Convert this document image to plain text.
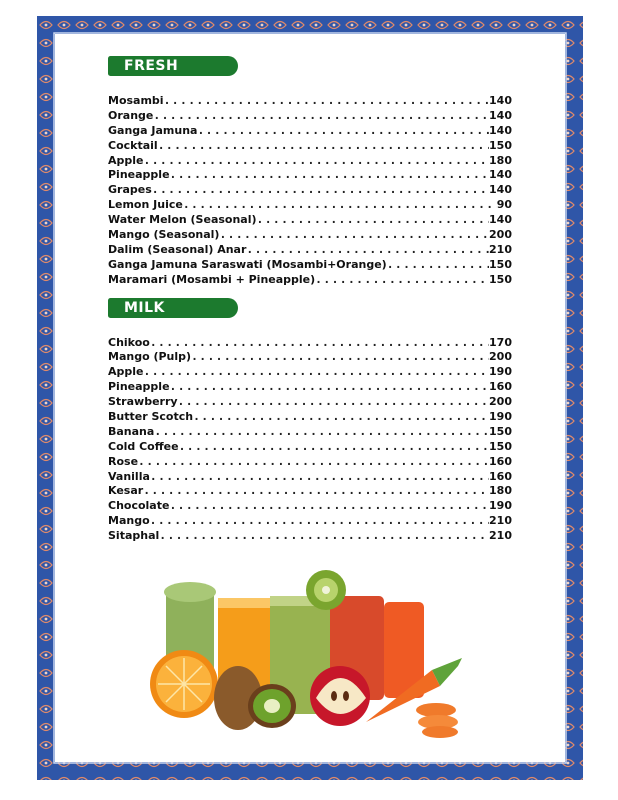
FRESH JUICE
Mosambi .....	140
Orange .....	140
Ganga Jamuna .....	140
Cocktail .....	150
Apple .....	180
Pineapple .....	140
Grapes .....	140
Lemon Juice .....	90
Water Melon (Seasonal) .....	140
Mango (Seasonal) .....	200
Dalim (Seasonal) Anar .....	210
Ganga Jamuna Saraswati (Mosambi+Orange) .....	150
Maramari (Mosambi + Pineapple) .....	150
MILK DELIGHT
Chikoo .....	170
Mango (Pulp) .....	200
Apple .....	190
Pineapple .....	160
Strawberry .....	200
Butter Scotch .....	190
Banana .....	150
Cold Coffee .....	150
Rose .....	160
Vanilla .....	160
Kesar .....	180
Chocolate .....	190
Mango .....	210
Sitaphal .....	210
